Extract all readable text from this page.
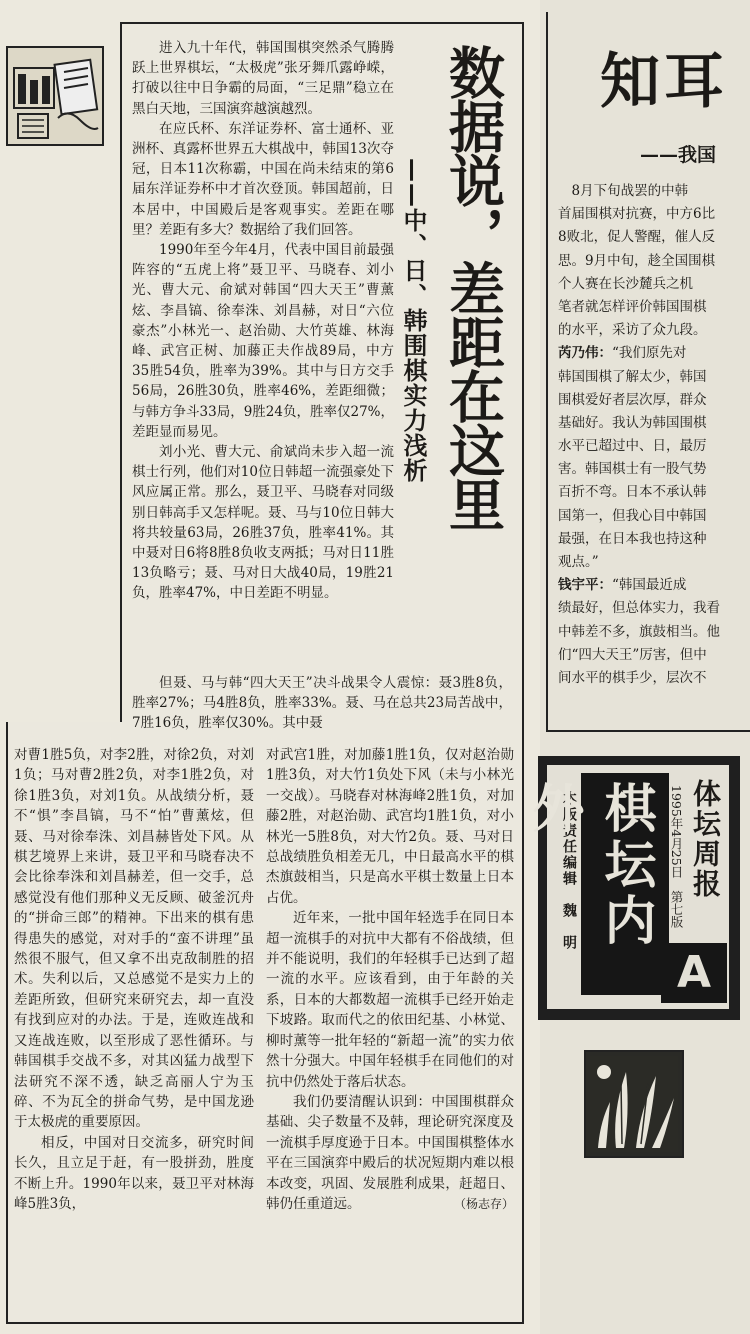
进入九十年代，韩国围棋突然杀气腾腾跃上世界棋坛，“太极虎”张牙舞爪露峥嵘，打破以往中日争霸的局面，“三足鼎”稳立在黑白天地，三国演弈越演越烈。

在应氏杯、东洋证券杯、富士通杯、亚洲杯、真露杯世界五大棋战中，韩国13次夺冠，日本11次称霸，中国在尚未结束的第6届东洋证券杯中才首次登顶。韩国超前，日本居中，中国殿后是客观事实。差距在哪里？差距有多大？数据给了我们回答。

1990年至今年4月，代表中国目前最强阵容的“五虎上将”聂卫平、马晓春、刘小光、曹大元、俞斌对韩国“四大天王”曹薰炫、李昌镐、徐奉洙、刘昌赫，对日“六位豪杰”小林光一、赵治勋、大竹英雄、林海峰、武宫正树、加藤正夫作战89局，中方35胜54负，胜率为39%。其中与日方交手56局，26胜30负，胜率46%，差距细微；与韩方争斗33局，9胜24负，胜率仅27%，差距显而易见。

刘小光、曹大元、俞斌尚未步入超一流棋士行列，他们对10位日韩超一流强豪处下风应属正常。那么，聂卫平、马晓春对同级别日韩高手又怎样呢。聂、马与10位日韩大将共较量63局，26胜37负，胜率41%。其中聂对日6将8胜8负收支两抵；马对日11胜13负略亏；聂、马对日大战40局，19胜21负，胜率47%，中日差距不明显。

数据说，差距在这里
——中、日、韩围棋实力浅析

但聂、马与韩“四大天王”决斗战果令人震惊：聂3胜8负，胜率27%；马4胜8负，胜率33%。聂、马在总共23局苦战中，7胜16负，胜率仅30%。其中聂

对曹1胜5负，对李2胜，对徐2负，对刘1负；马对曹2胜2负，对李1胜2负，对徐1胜3负，对刘1负。从战绩分析，聂不“惧”李昌镐，马不“怕”曹薰炫，但聂、马对徐奉洙、刘昌赫皆处下风。从棋艺境界上来讲，聂卫平和马晓春决不会比徐奉洙和刘昌赫差，但一交手，总感觉没有他们那种义无反顾、破釜沉舟的“拼命三郎”的精神。下出来的棋有患得患失的感觉，对对手的“蛮不讲理”虽然很不服气，但又拿不出克敌制胜的招术。失利以后，又总感觉不是实力上的差距所致，但研究来研究去，却一直没有找到应对的办法。于是，连败连战和又连战连败，以至形成了恶性循环。与韩国棋手交战不多，对其凶猛力战型下法研究不深不透，缺乏高丽人宁为玉碎、不为瓦全的拼命气势，是中国龙逊于太极虎的重要原因。

相反，中国对日交流多，研究时间长久，且立足于赶，有一股拼劲，胜度不断上升。1990年以来，聂卫平对林海峰5胜3负，

对武宫1胜，对加藤1胜1负，仅对赵治勋1胜3负，对大竹1负处下风（未与小林光一交战）。马晓春对林海峰2胜1负，对加藤2胜，对赵治勋、武宫均1胜1负，对小林光一5胜8负，对大竹2负。聂、马对日总战绩胜负相差无几，中日最高水平的棋杰旗鼓相当，只是高水平棋士数量上日本占优。

近年来，一批中国年轻选手在同日本超一流棋手的对抗中大都有不俗战绩，但并不能说明，我们的年轻棋手已达到了超一流的水平。应该看到，由于年龄的关系，日本的大都数超一流棋手已经开始走下坡路。取而代之的依田纪基、小林觉、柳时薰等一批年轻的“新超一流”的实力依然十分强大。中国年轻棋手在同他们的对抗中仍然处于落后状态。

我们仍要清醒认识到：中国围棋群众基础、尖子数量不及韩，理论研究深度及一流棋手厚度逊于日本。中国围棋整体水平在三国演弈中殿后的状况短期内难以根本改变，巩固、发展胜利成果，赶超日、韩仍任重道远。	（杨志存）

知耳
——我国
　8月下旬战罢的中韩
首届围棋对抗赛，中方6比
8败北，促人警醒，催人反
思。9月中旬，趁全国围棋
个人赛在长沙麓兵之机
笔者就怎样评价韩国围棋
的水平，采访了众九段。
芮乃伟：“我们原先对
韩国围棋了解太少，韩国
围棋爱好者层次厚，群众
基础好。我认为韩国围棋
水平已超过中、日，最厉
害。韩国棋士有一股气势
百折不弯。日本不承认韩
国第一，但我心目中韩国
最强，在日本我也持这种
观点。”
钱宇平：“韩国最近成
绩最好，但总体实力，我看
中韩差不多，旗鼓相当。他
们“四大天王”厉害，但中
间水平的棋手少，层次不
本版责任编辑　魏　明 棋坛内外	1995年4月25日　第七版 体坛周报
A
